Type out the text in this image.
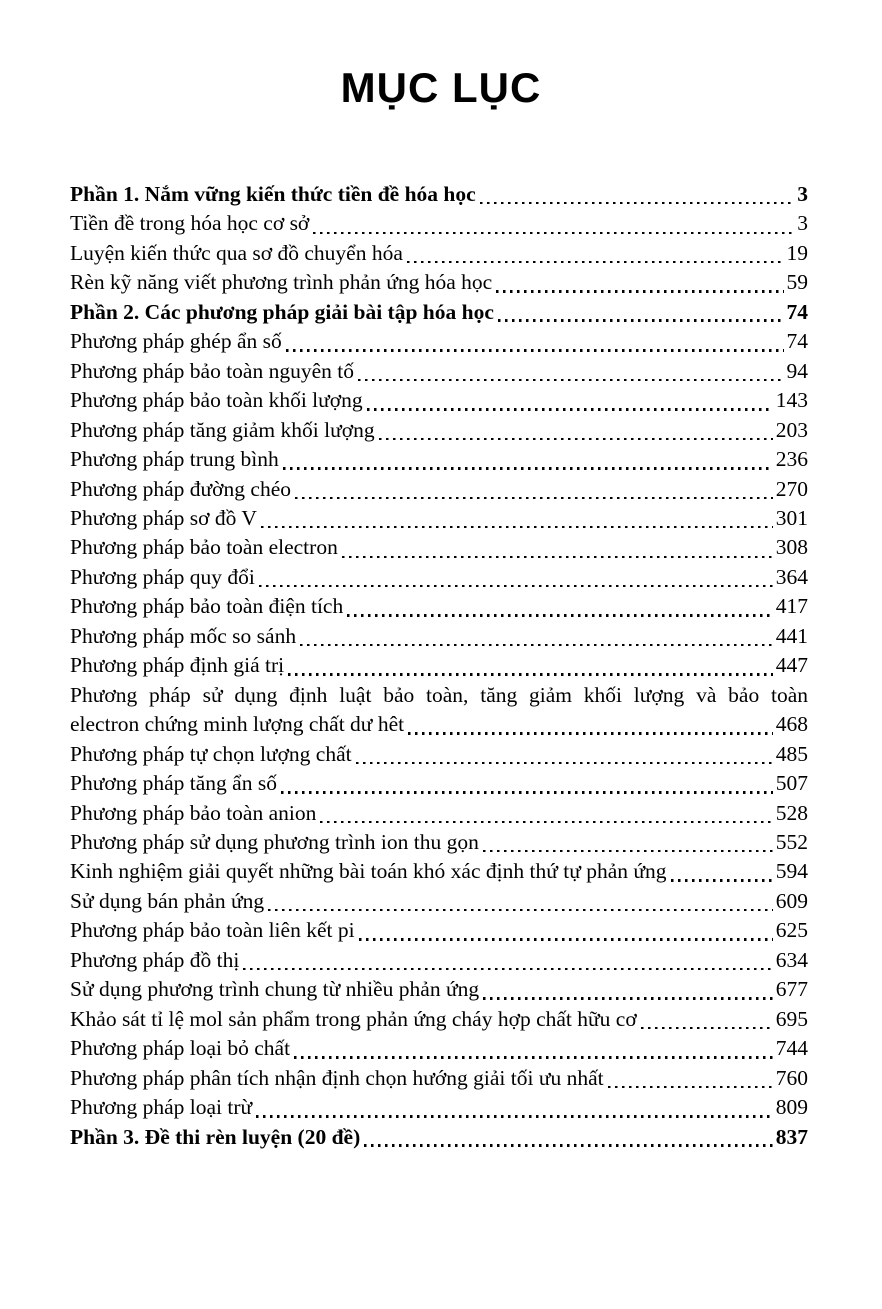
MỤC LỤC
Phần 1. Nắm vững kiến thức tiền đề hóa học	3
Tiền đề trong hóa học cơ sở	3
Luyện kiến thức qua sơ đồ chuyển hóa	19
Rèn kỹ năng viết phương trình phản ứng hóa học	59
Phần 2. Các phương pháp giải bài tập hóa học	74
Phương pháp ghép ẩn số	74
Phương pháp bảo toàn nguyên tố	94
Phương pháp bảo toàn khối lượng	143
Phương pháp tăng giảm khối lượng	203
Phương pháp trung bình	236
Phương pháp đường chéo	270
Phương pháp sơ đồ V	301
Phương pháp bảo toàn electron	308
Phương pháp quy đổi	364
Phương pháp bảo toàn điện tích	417
Phương pháp mốc so sánh	441
Phương pháp định giá trị	447
Phương pháp sử dụng định luật bảo toàn, tăng giảm khối lượng và bảo toàn
electron chứng minh lượng chất dư hêt	468
Phương pháp tự chọn lượng chất	485
Phương pháp tăng ẩn số	507
Phương pháp bảo toàn anion	528
Phương pháp sử dụng phương trình ion thu gọn	552
Kinh nghiệm giải quyết những bài toán khó xác định thứ tự phản ứng	594
Sử dụng bán phản ứng	609
Phương pháp bảo toàn liên kết pi	625
Phương pháp đồ thị	634
Sử dụng phương trình chung từ nhiều phản ứng	677
Khảo sát tỉ lệ mol sản phẩm trong phản ứng cháy hợp chất hữu cơ	695
Phương pháp loại bỏ chất	744
Phương pháp phân tích nhận định chọn hướng giải tối ưu nhất	760
Phương pháp loại trừ	809
Phần 3. Đề thi rèn luyện (20 đề)	837
